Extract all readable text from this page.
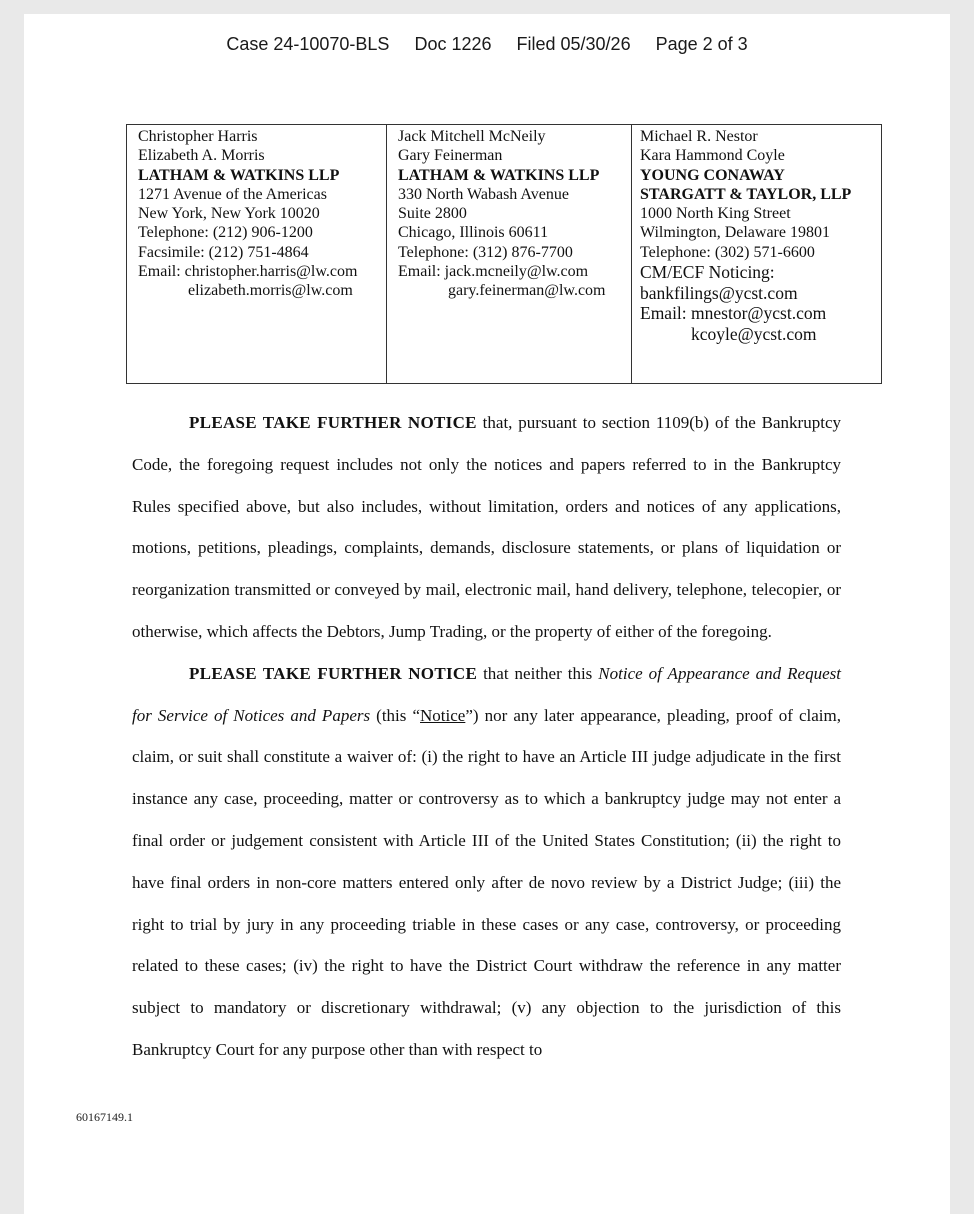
Case 24-10070-BLS     Doc 1226     Filed 05/30/26     Page 2 of 3
Christopher Harris
Elizabeth A. Morris
LATHAM & WATKINS LLP
1271 Avenue of the Americas
New York, New York 10020
Telephone: (212) 906-1200
Facsimile: (212) 751-4864
Email: christopher.harris@lw.com
elizabeth.morris@lw.com
Jack Mitchell McNeily
Gary Feinerman
LATHAM & WATKINS LLP
330 North Wabash Avenue
Suite 2800
Chicago, Illinois 60611
Telephone: (312) 876-7700
Email: jack.mcneily@lw.com
gary.feinerman@lw.com
Michael R. Nestor
Kara Hammond Coyle
YOUNG CONAWAY
STARGATT & TAYLOR, LLP
1000 North King Street
Wilmington, Delaware 19801
Telephone: (302) 571-6600
CM/ECF Noticing:
bankfilings@ycst.com
Email: mnestor@ycst.com
kcoyle@ycst.com

PLEASE TAKE FURTHER NOTICE that, pursuant to section 1109(b) of the Bankruptcy Code, the foregoing request includes not only the notices and papers referred to in the Bankruptcy Rules specified above, but also includes, without limitation, orders and notices of any applications, motions, petitions, pleadings, complaints, demands, disclosure statements, or plans of liquidation or reorganization transmitted or conveyed by mail, electronic mail, hand delivery, telephone, telecopier, or otherwise, which affects the Debtors, Jump Trading, or the property of either of the foregoing.

PLEASE TAKE FURTHER NOTICE that neither this Notice of Appearance and Request for Service of Notices and Papers (this “Notice”) nor any later appearance, pleading, proof of claim, claim, or suit shall constitute a waiver of: (i) the right to have an Article III judge adjudicate in the first instance any case, proceeding, matter or controversy as to which a bankruptcy judge may not enter a final order or judgement consistent with Article III of the United States Constitution; (ii) the right to have final orders in non-core matters entered only after de novo review by a District Judge; (iii) the right to trial by jury in any proceeding triable in these cases or any case, controversy, or proceeding related to these cases; (iv) the right to have the District Court withdraw the reference in any matter subject to mandatory or discretionary withdrawal; (v) any objection to the jurisdiction of this Bankruptcy Court for any purpose other than with respect to

60167149.1
